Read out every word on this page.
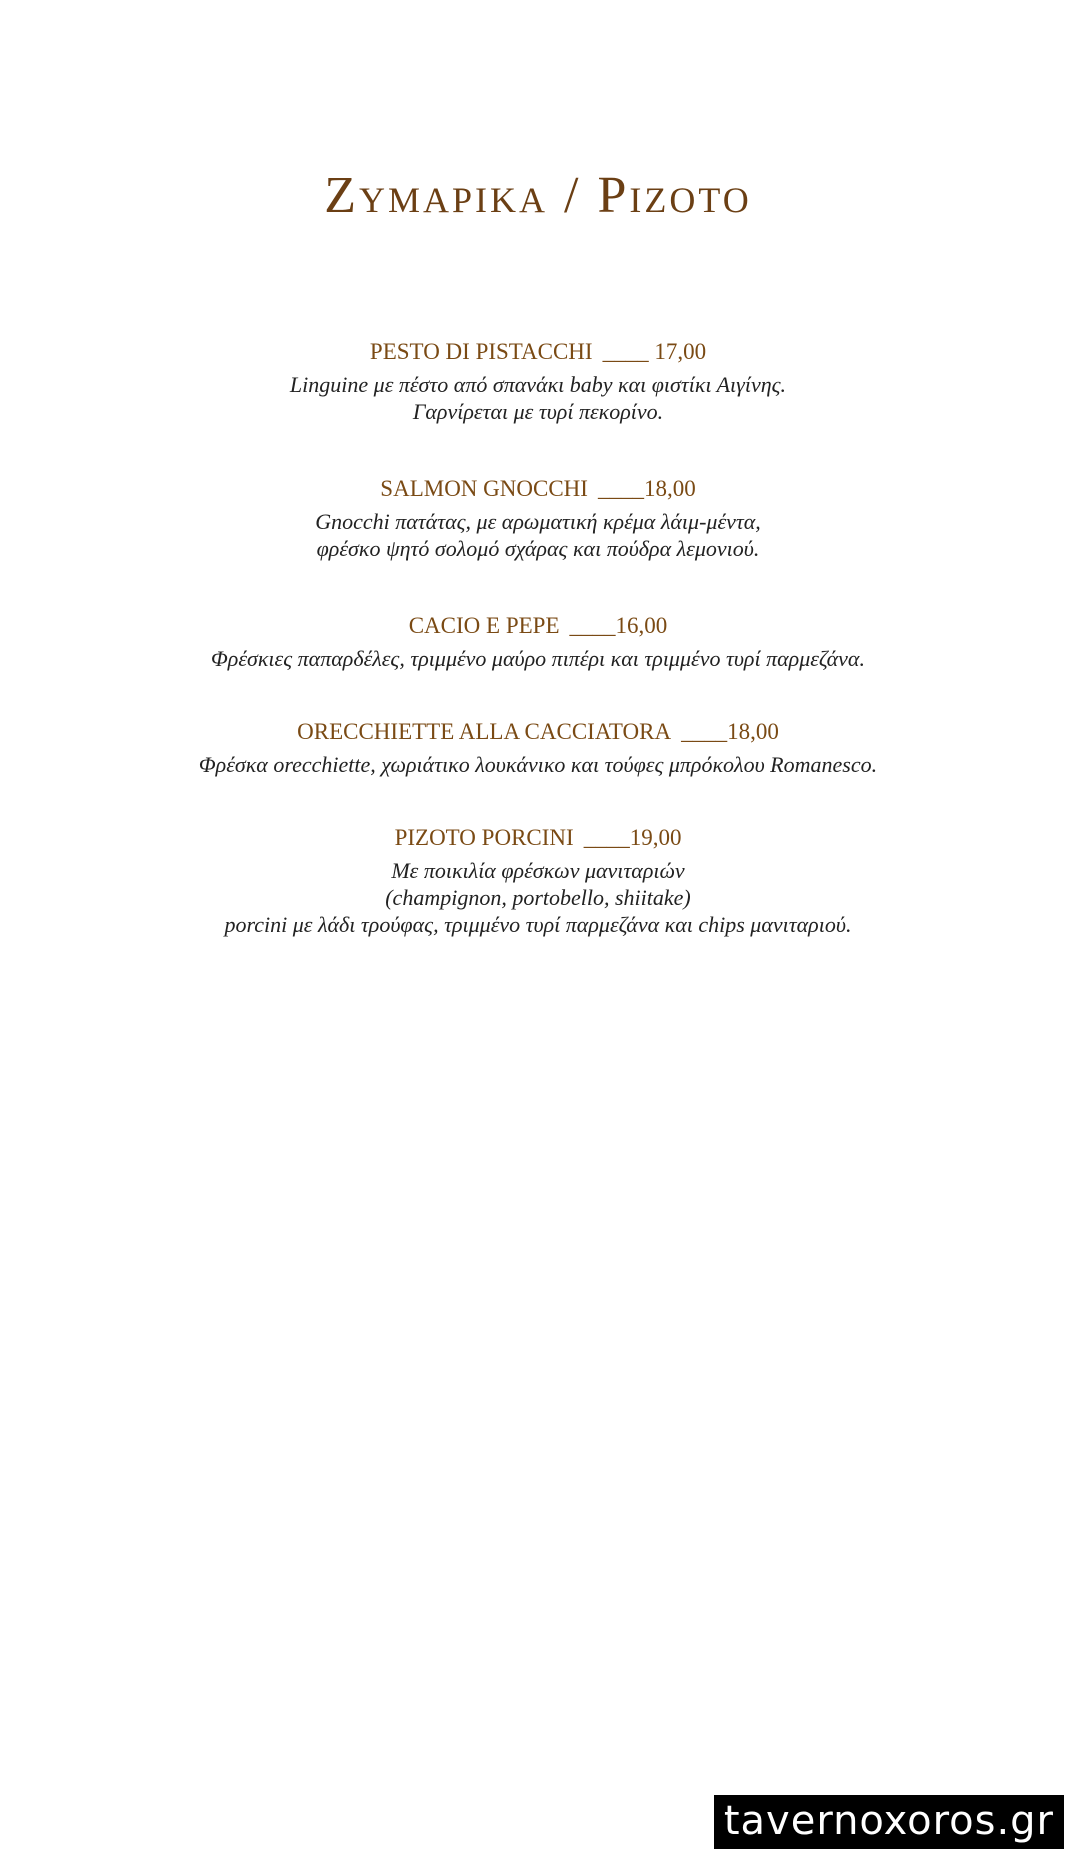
Ζυμαρικα / Ριζοτο
PESTO DI PISTACCHI ____ 17,00
Linguine με πέστο από σπανάκι baby και φιστίκι Αιγίνης.
Γαρνίρεται με τυρί πεκορίνο.
SALMON GNOCCHI ____18,00
Gnocchi πατάτας, με αρωματική κρέμα λάιμ-μέντα,
φρέσκο ψητό σολομό σχάρας και πούδρα λεμονιού.
CACIO E PEPE ____16,00
Φρέσκιες παπαρδέλες, τριμμένο μαύρο πιπέρι και τριμμένο τυρί παρμεζάνα.
ORECCHIETTE ALLA CACCIATORA ____18,00
Φρέσκα orecchiette, χωριάτικο λουκάνικο και τούφες μπρόκολου Romanesco.
ΡΙΖΟΤΟ PORCINI ____19,00
Με ποικιλία φρέσκων μανιταριών
(champignon, portobello, shiitake)
porcini με λάδι τρούφας, τριμμένο τυρί παρμεζάνα και chips μανιταριού.
tavernoxoros.gr
